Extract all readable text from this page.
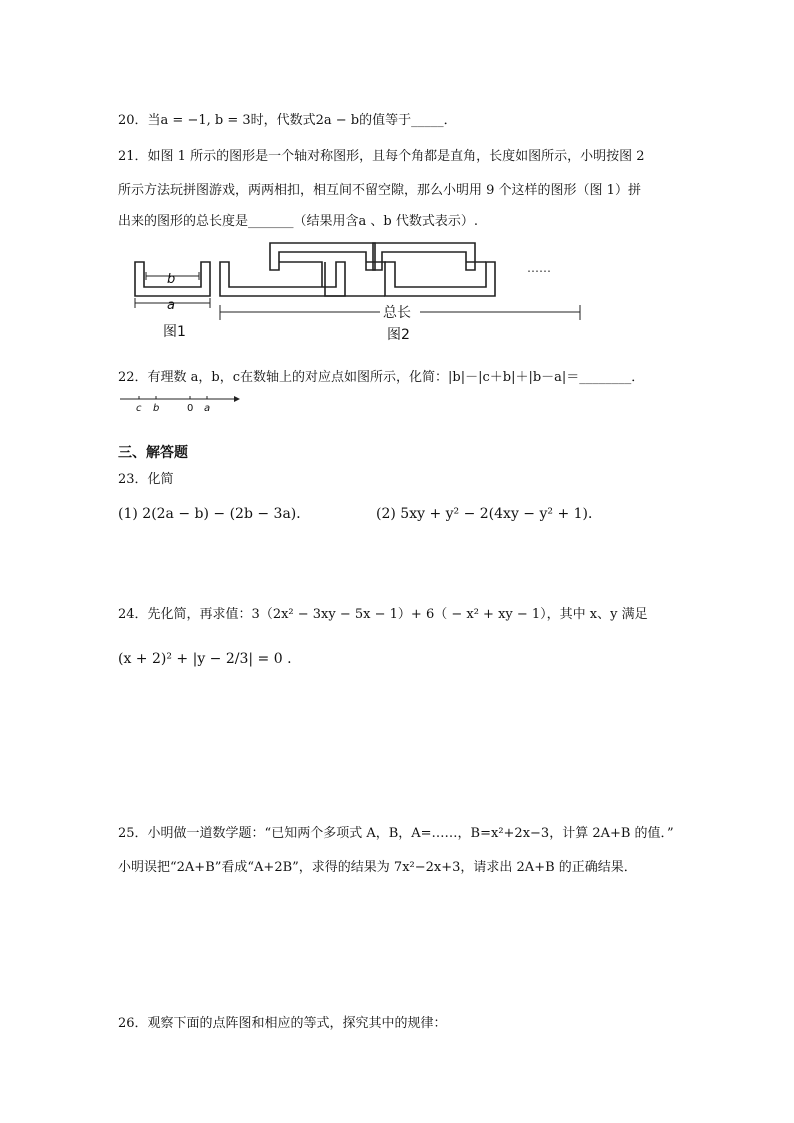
20．当a = −1, b = 3时，代数式2a − b的值等于_____．
21．如图 1 所示的图形是一个轴对称图形，且每个角都是直角，长度如图所示，小明按图 2
所示方法玩拼图游戏，两两相扣，相互间不留空隙，那么小明用 9 个这样的图形（图 1）拼
出来的图形的总长度是_______（结果用含a 、b 代数式表示）.
b
a
图1
……
总长
图2
22．有理数 a，b，c在数轴上的对应点如图所示，化简：|b|－|c＋b|＋|b－a|＝________．
c b	0 a
三、解答题
23．化简
(1) 2(2a − b) − (2b − 3a)．	(2) 5xy + y² − 2(4xy − y² + 1)．
24．先化简，再求值：3（2x² − 3xy − 5x − 1）+ 6（ − x² + xy − 1），其中 x、y 满足
(x + 2)² + |y − 2/3| = 0 .
25．小明做一道数学题：“已知两个多项式 A，B，A=……，B=x²+2x−3，计算 2A+B 的值．”
小明误把“2A+B”看成“A+2B”，求得的结果为 7x²−2x+3，请求出 2A+B 的正确结果．
26．观察下面的点阵图和相应的等式，探究其中的规律：
